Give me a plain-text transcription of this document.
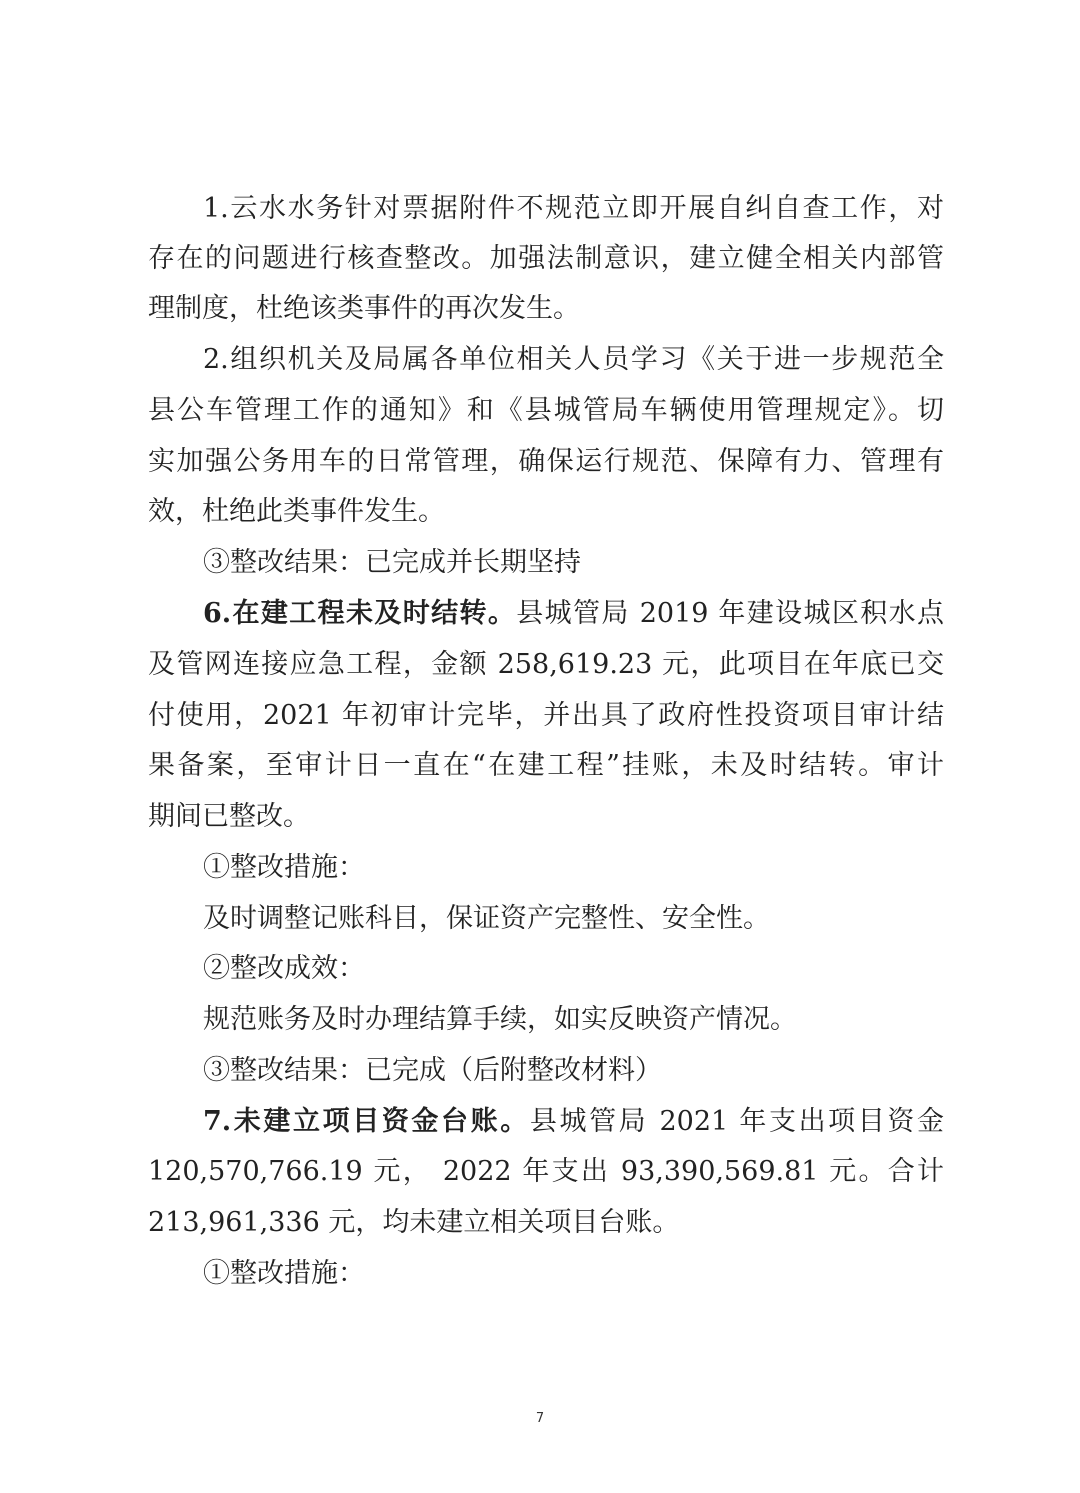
1.云水水务针对票据附件不规范立即开展自纠自查工作，对
存在的问题进行核查整改。加强法制意识，建立健全相关内部管
理制度，杜绝该类事件的再次发生。
2.组织机关及局属各单位相关人员学习《关于进一步规范全
县公车管理工作的通知》和《县城管局车辆使用管理规定》。切
实加强公务用车的日常管理，确保运行规范、保障有力、管理有
效，杜绝此类事件发生。
③整改结果：已完成并长期坚持
6.在建工程未及时结转。县城管局 2019 年建设城区积水点
及管网连接应急工程，金额 258,619.23 元，此项目在年底已交
付使用，2021 年初审计完毕，并出具了政府性投资项目审计结
果备案，至审计日一直在“在建工程”挂账，未及时结转。审计
期间已整改。
①整改措施：
及时调整记账科目，保证资产完整性、安全性。
②整改成效：
规范账务及时办理结算手续，如实反映资产情况。
③整改结果：已完成（后附整改材料）
7.未建立项目资金台账。县城管局 2021 年支出项目资金
120,570,766.19 元， 2022 年支出 93,390,569.81 元。合计
213,961,336 元，均未建立相关项目台账。
①整改措施：
7
